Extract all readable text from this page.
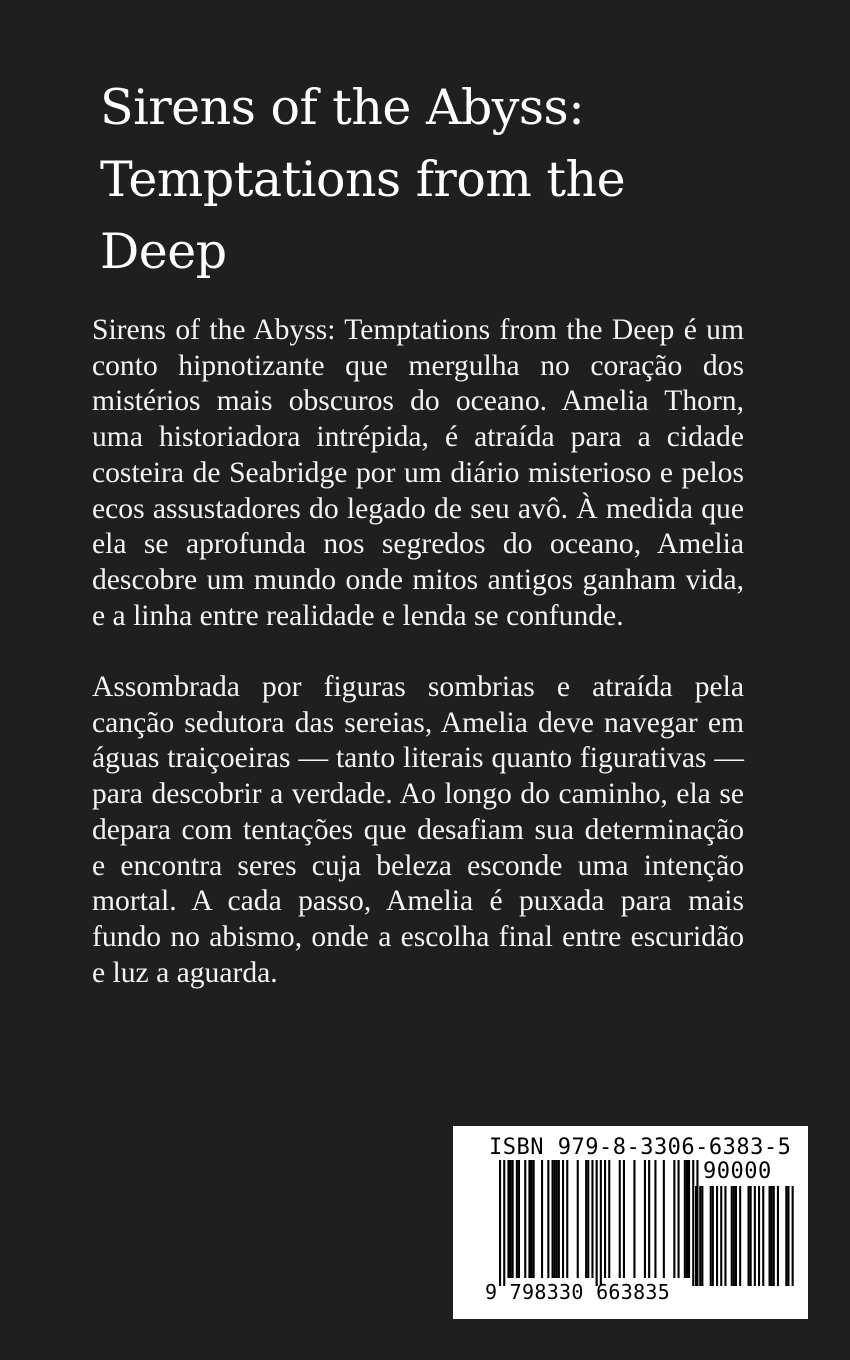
Sirens of the Abyss:
Temptations from the
Deep

Sirens of the Abyss: Temptations from the Deep é um conto hipnotizante que mergulha no coração dos mistérios mais obscuros do oceano. Amelia Thorn, uma historiadora intrépida, é atraída para a cidade costeira de Seabridge por um diário misterioso e pelos ecos assustadores do legado de seu avô. À medida que ela se aprofunda nos segredos do oceano, Amelia descobre um mundo onde mitos antigos ganham vida, e a linha entre realidade e lenda se confunde.

Assombrada por figuras sombrias e atraída pela canção sedutora das sereias, Amelia deve navegar em águas traiçoeiras — tanto literais quanto figurativas — para descobrir a verdade. Ao longo do caminho, ela se depara com tentações que desafiam sua determinação e encontra seres cuja beleza esconde uma intenção mortal. A cada passo, Amelia é puxada para mais fundo no abismo, onde a escolha final entre escuridão e luz a aguarda.

ISBN 979-8-3306-6383-5
90000
9 798330 663835
